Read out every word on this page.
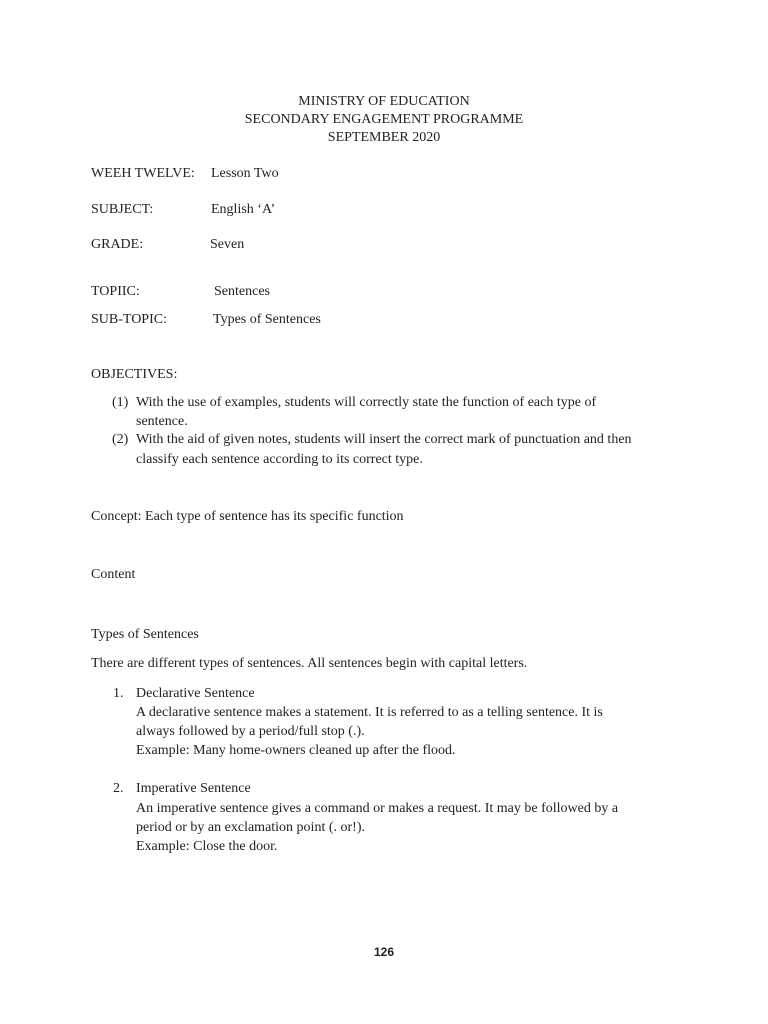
MINISTRY OF EDUCATION
SECONDARY ENGAGEMENT PROGRAMME
SEPTEMBER 2020
WEEH TWELVE: Lesson Two
SUBJECT:	English ‘A’
GRADE:	Seven
TOPIIC:	Sentences
SUB-TOPIC:	Types of Sentences
OBJECTIVES:
(1) With the use of examples, students will correctly state the function of each type of
sentence.
(2) With the aid of given notes, students will insert the correct mark of punctuation and then
classify each sentence according to its correct type.
Concept: Each type of sentence has its specific function
Content
Types of Sentences
There are different types of sentences. All sentences begin with capital letters.
1. Declarative Sentence
A declarative sentence makes a statement. It is referred to as a telling sentence. It is
always followed by a period/full stop (.).
Example: Many home-owners cleaned up after the flood.
2. Imperative Sentence
An imperative sentence gives a command or makes a request. It may be followed by a
period or by an exclamation point (. or!).
Example: Close the door.
126
